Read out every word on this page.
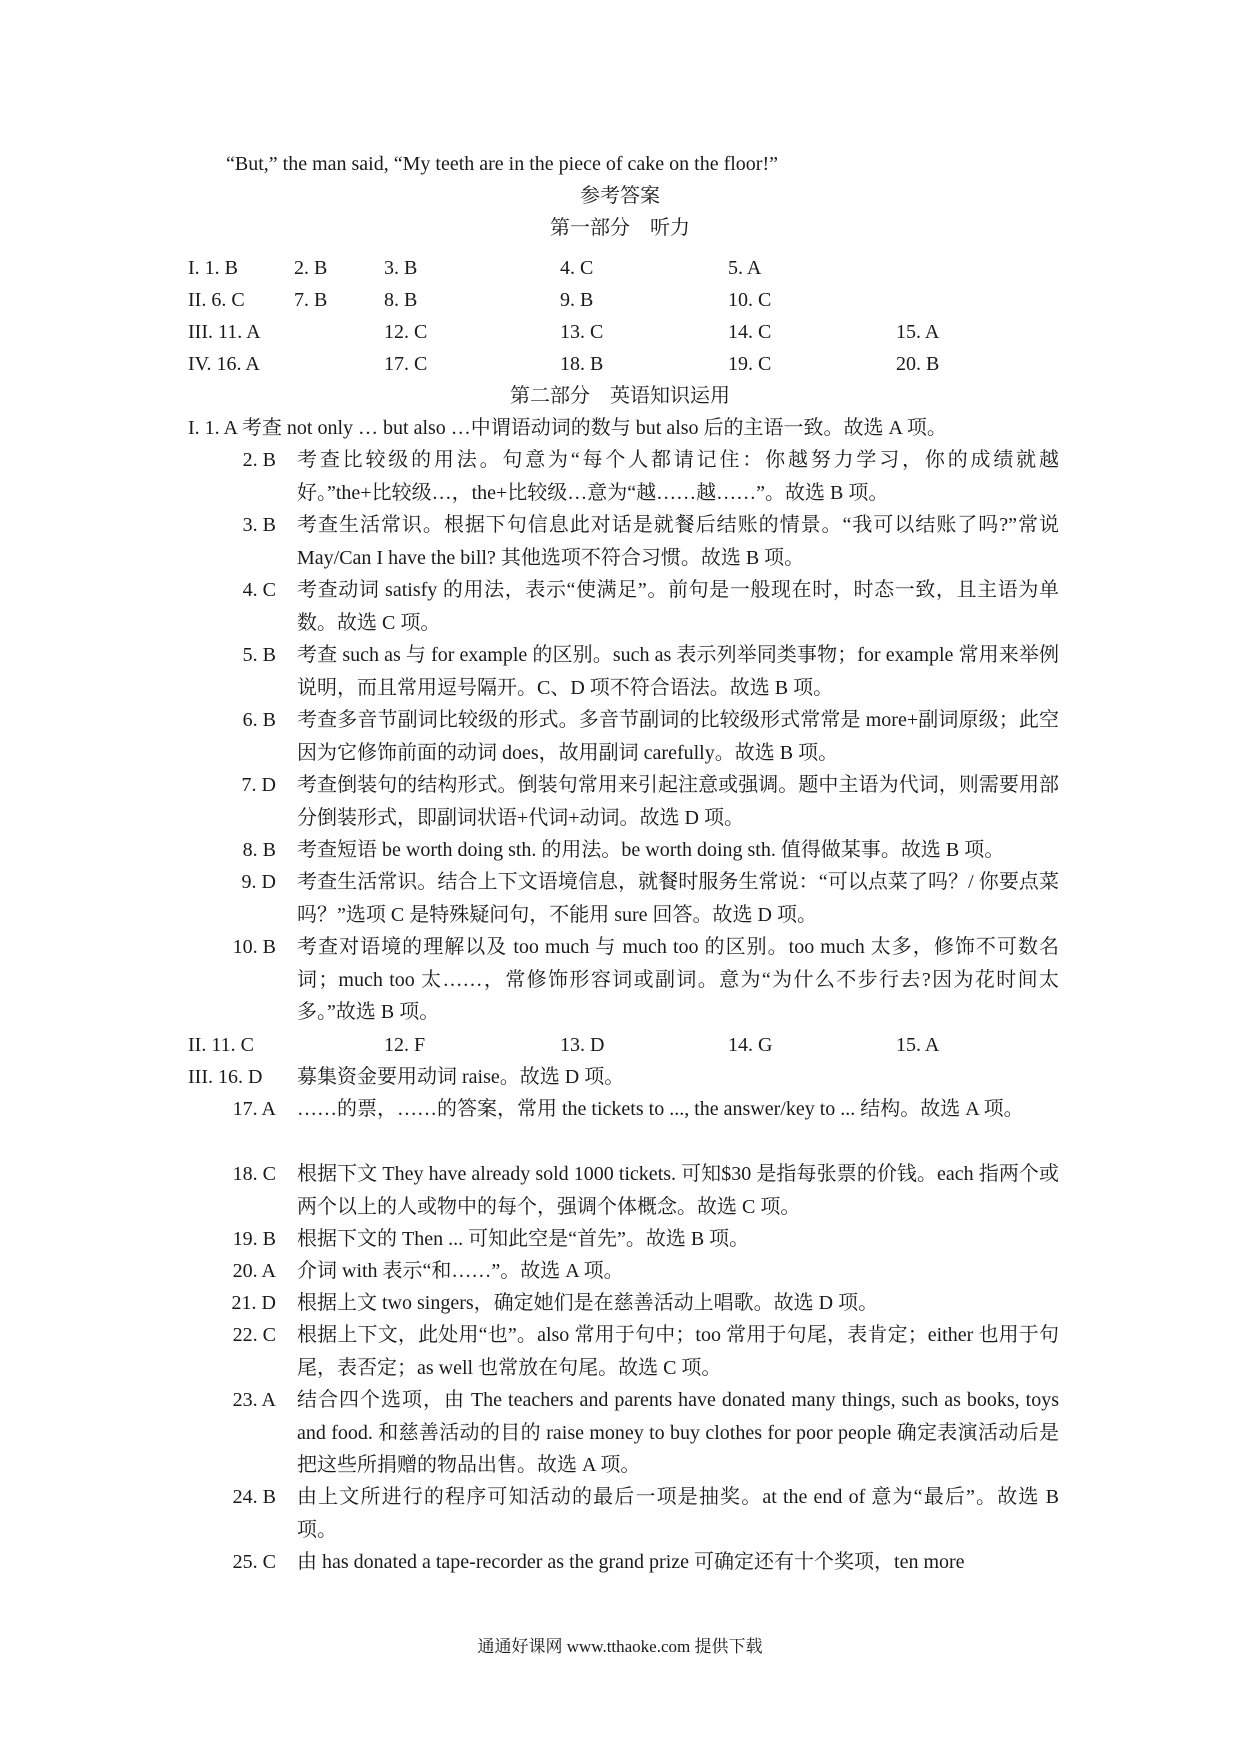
“But,” the man said, “My teeth are in the piece of cake on the floor!”
参考答案
第一部分　听力
I. 1. B	2. B	3. B	4. C	5. A
II. 6. C 7. B	8. B	9. B	10. C
III. 11. A	12. C	13. C	14. C	15. A
IV. 16. A	17. C	18. B	19. C	20. B
第二部分　英语知识运用
I. 1. A 考查 not only … but also …中谓语动词的数与 but also 后的主语一致。故选 A 项。
2. B 考查比较级的用法。句意为“每个人都请记住：你越努力学习，你的成绩就越好。”the+比较级…，the+比较级…意为“越……越……”。故选 B 项。
3. B 考查生活常识。根据下句信息此对话是就餐后结账的情景。“我可以结账了吗?”常说 May/Can I have the bill? 其他选项不符合习惯。故选 B 项。
4. C 考查动词 satisfy 的用法，表示“使满足”。前句是一般现在时，时态一致，且主语为单数。故选 C 项。
5. B 考查 such as 与 for example 的区别。such as 表示列举同类事物；for example 常用来举例说明，而且常用逗号隔开。C、D 项不符合语法。故选 B 项。
6. B 考查多音节副词比较级的形式。多音节副词的比较级形式常常是 more+副词原级；此空因为它修饰前面的动词 does，故用副词 carefully。故选 B 项。
7. D 考查倒装句的结构形式。倒装句常用来引起注意或强调。题中主语为代词，则需要用部分倒装形式，即副词状语+代词+动词。故选 D 项。
8. B 考查短语 be worth doing sth. 的用法。be worth doing sth. 值得做某事。故选 B 项。
9. D 考查生活常识。结合上下文语境信息，就餐时服务生常说：“可以点菜了吗？/ 你要点菜吗？”选项 C 是特殊疑问句，不能用 sure 回答。故选 D 项。
10. B 考查对语境的理解以及 too much 与 much too 的区别。too much 太多，修饰不可数名词；much too 太……，常修饰形容词或副词。意为“为什么不步行去?因为花时间太多。”故选 B 项。
II. 11. C	12. F	13. D	14. G	15. A
III. 16. D 募集资金要用动词 raise。故选 D 项。
17. A ……的票，……的答案，常用 the tickets to ..., the answer/key to ... 结构。故选 A 项。
18. C 根据下文 They have already sold 1000 tickets. 可知$30 是指每张票的价钱。each 指两个或两个以上的人或物中的每个，强调个体概念。故选 C 项。
19. B 根据下文的 Then ... 可知此空是“首先”。故选 B 项。
20. A 介词 with 表示“和……”。故选 A 项。
21. D 根据上文 two singers，确定她们是在慈善活动上唱歌。故选 D 项。
22. C 根据上下文，此处用“也”。also 常用于句中；too 常用于句尾，表肯定；either 也用于句尾，表否定；as well 也常放在句尾。故选 C 项。
23. A 结合四个选项，由 The teachers and parents have donated many things, such as books, toys and food. 和慈善活动的目的 raise money to buy clothes for poor people 确定表演活动后是把这些所捐赠的物品出售。故选 A 项。
24. B 由上文所进行的程序可知活动的最后一项是抽奖。at the end of 意为“最后”。故选 B 项。
25. C 由 has donated a tape-recorder as the grand prize 可确定还有十个奖项，ten more
通通好课网 www.tthaoke.com 提供下载
